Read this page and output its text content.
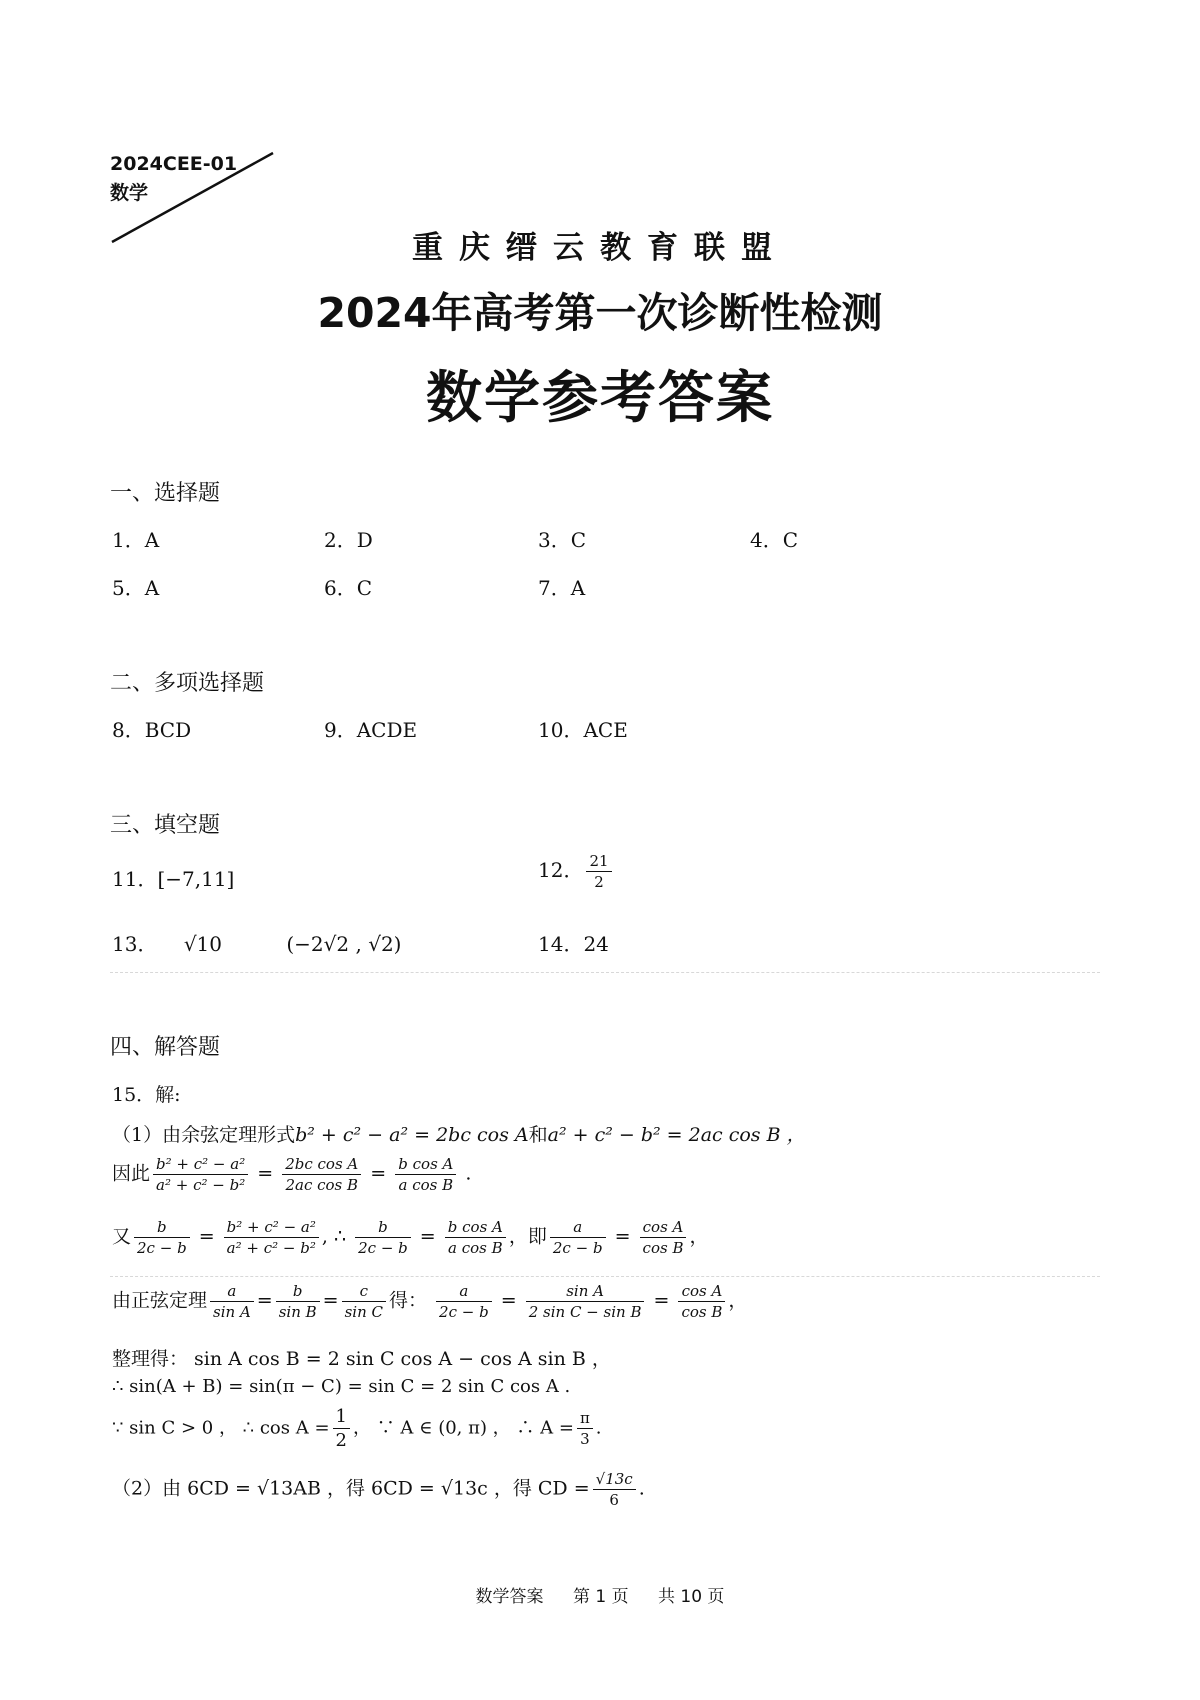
2024CEE-01
数学
重庆缙云教育联盟
2024年高考第一次诊断性检测
数学参考答案
一、选择题
1．A	2．D	3．C	4．C
5．A	6．C	7．A
二、多项选择题
8．BCD	9．ACDE	10．ACE
三、填空题
11．[−7,11]	12． $\frac{21}{2}$
13． √10	(−2√2 , √2)	14．24
四、解答题
15．解:
（1）由余弦定理形式b² + c² − a² = 2bc cos A和a² + c² − b² = 2ac cos B ，
因此 $\frac{\text{b² + c² − a²}}{\text{a² + c² − b²}} = \frac{\text{2bc cos A}}{\text{2ac cos B}} = \frac{\text{b cos A}}{\text{a cos B}}$ .
又 $\frac{b}{2c - b} = \frac{\text{b² + c² − a²}}{\text{a² + c² − b²}}$ , ∴ $\frac{b}{2c - b} = \frac{\text{b cos A}}{\text{a cos B}}$ ，即 $\frac{a}{2c - b} = \frac{\text{cos A}}{\text{cos B}}$ ，
由正弦定理 $\frac{a}{\text{sin A}} = \frac{b}{\text{sin B}} = \frac{c}{\text{sin C}}$ 得： $\frac{a}{2c - b} = \frac{\text{sin A}}{\text{2 sin C − sin B}} = \frac{\text{cos A}}{\text{cos B}}$ ，
整理得： sin A cos B = 2 sin C cos A − cos A sin B ，
∴ sin(A + B) = sin(π − C) = sin C = 2 sin C cos A .
∵ sin C > 0 ， ∴ $\cos A = \frac{1}{2}$ ， ∵ A ∈ (0, π) ， ∴ $A = \frac{\pi}{3}$ .
（2）由 6CD = √13AB ，得 6CD = √13c ，得 CD = $\frac{√13c}{6}$ .
数学答案 第 1 页 共 10 页
